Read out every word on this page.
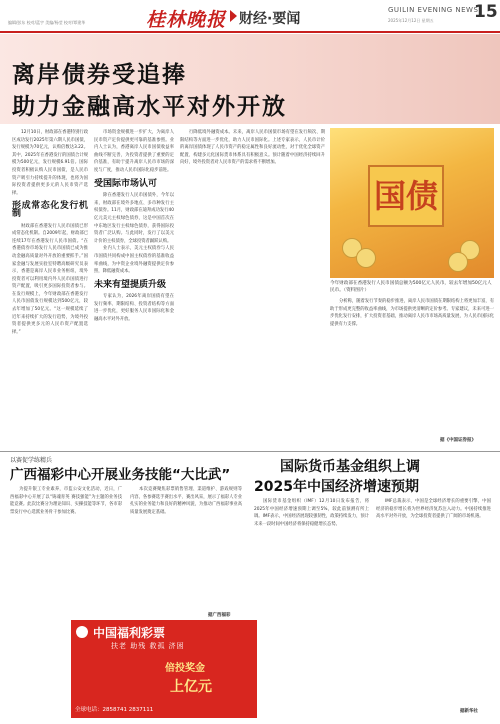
编辑/彭东 校对/蓝宇 美编/杨莹 校对/覃建华	桂林晚报 财经·要闻
GUILIN EVENING NEWS
15
2025年12月12日 星期五
离岸债券受追捧
助力金融高水平对外开放

12月10日，财政部在香港特别行政区成功发行2025年第六期人民币国债，发行规模为70亿元，认购倍数达3.22。其中，2025年在香港发行的国债合计规模为500亿元，发行规模6.91倍。国际投资者积极认购人民币国债，是人民币资产吸引力持续提升的体现，也将为国际投资者提供更多元的人民币资产选择。

形成常态化发行机制

财政部在香港发行人民币国债已形成常态化机制。自2009年起，财政部已连续17年在香港发行人民币国债。“在香港债券市场发行人民币国债已成为推动金融高质量对外开放的重要抓手。”国家金融与发展实验室特聘高级研究员表示，香港是离岸人民币业务枢纽，境外投资者可以利用境内外人民币国债进行资产配置，吸引更多国际投资者参与。在发行规模上，今年财政部在香港发行人民币国债发行规模达到500亿元，较去年增加了50亿元。“这一规模延续了近年来持续扩大的发行趋势，为境外投资者提供更多元的人民币资产配置选择。”

市场资金规模进一步扩大，为离岸人民币资产定价提供更可靠的基准参照。业内人士认为，香港离岸人民币国债收益率曲线不断完善，为投资者提供了重要的定价基准，有助于提升离岸人民币市场的深度与广度，推动人民币国际化稳步前进。

受国际市场认可

除在香港发行人民币国债外，今年以来，财政部在境外多地点、多币种发行主权债券。11月，财政部在迪拜成功发行40亿元美元主权绿色债券，这是中国首次在中东地区发行主权绿色债券，获得国际投资者广泛认购。与此同时，发行了以美元计价的主权债券，全球投资者踊跃认购。

业内人士表示，美元主权债券与人民币国债共同构成中国主权债券的基准收益率曲线，为中资企业境外融资提供定价参照，降低融资成本。

未来有望提质升级

专家认为，2026年离岸国债有望在发行频率、期限结构、投资者结构等方面进一步优化，更好服务人民币国际化和金融高水平对外开放。

行降低境外融资成本。未来，离岸人民币国债市场有望在发行频次、期限结构等方面进一步优化，助力人民币国际化。上述专家表示，人民币计价的离岸国债体现了人民币资产的稳定属性和良好流动性，对于优化全球资产配置、构建多元化国际货币体系具有积极意义。预计随着中国经济持续回升向好，境外投资者对人民币资产的需求将不断增加。

国债
今年财政部在香港发行人民币国债总额为500亿元人民币，较去年增加50亿元人民币。（资料图片）

分析称，随着发行节奏的稳步推进，离岸人民币国债在期限结构上将更加丰富，有助于形成更完整的收益率曲线，为市场提供更清晰的定价参考。专家建议，未来可进一步优化发行安排，扩大投资者基础，推动离岸人民币市场高质量发展，为人民币国际化提供有力支撑。

据《中国证券报》
以赛促学练精兵
广西福彩中心开展业务技能“大比武”

为提升银工专业素养，市监公安文化活动，近日，广西福彩中心开展了以“铸魂育英 赛技强能”为主题的业务技能竞赛。此次比赛分为理论知识、实操技能等环节，各市彩票发行中心选派业务骨干参加比赛。

本次竞赛聚焦彩票销售管理、渠道维护、游戏规则等内容，各参赛选手赛出水平、赛出风采，展示了福彩人专业扎实的业务能力和良好的精神风貌，为推动广西福彩事业高质量发展奠定基础。

据广西福彩
中国福利彩票
扶老 助残 救孤 济困
倍投奖金
上亿元
全球电话：2858741 2837111
国际货币基金组织上调
2025年中国经济增速预期

国际货币基金组织（IMF）12月10日发布报告，将2025年中国经济增速预期上调至5%，较此前预测有所上调。IMF表示，中国经济展现较强韧性，政策持续发力，预计未来一段时间中国经济将保持稳健增长态势。

IMF总裁表示，中国是全球经济增长的重要引擎，中国经济的稳步增长将为世界经济复苏注入动力。中国持续推进高水平对外开放，为全球投资者提供了广阔的市场机遇。

据新华社
